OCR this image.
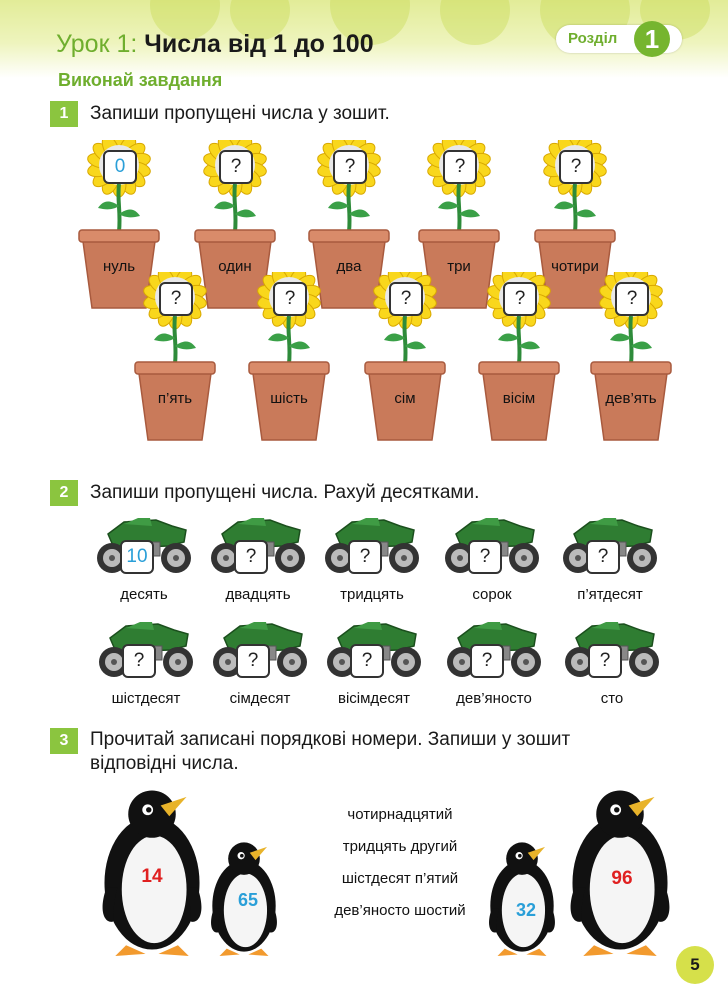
Урок 1: Числа від 1 до 100	Розділ	1
Виконай завдання
1	Запиши пропущені числа у зошит.
0
нуль
?
один
?
два
?
три
?
чотири
?
п’ять
?
шість
?
сім
?
вісім
?
дев’ять
2	Запиши пропущені числа. Рахуй десятками.
10
десять
?
двадцять
?
тридцять
?
сорок
?
п’ятдесят
?
шістдесят
?
сімдесят
?
вісімдесят
?
дев’яносто
?
сто
3	Прочитай записані порядкові номери. Запиши у зошит
відповідні числа.
чотирнадцятий
тридцять другий
шістдесят п’ятий
дев’яносто шостий
14
65	32
96
5
